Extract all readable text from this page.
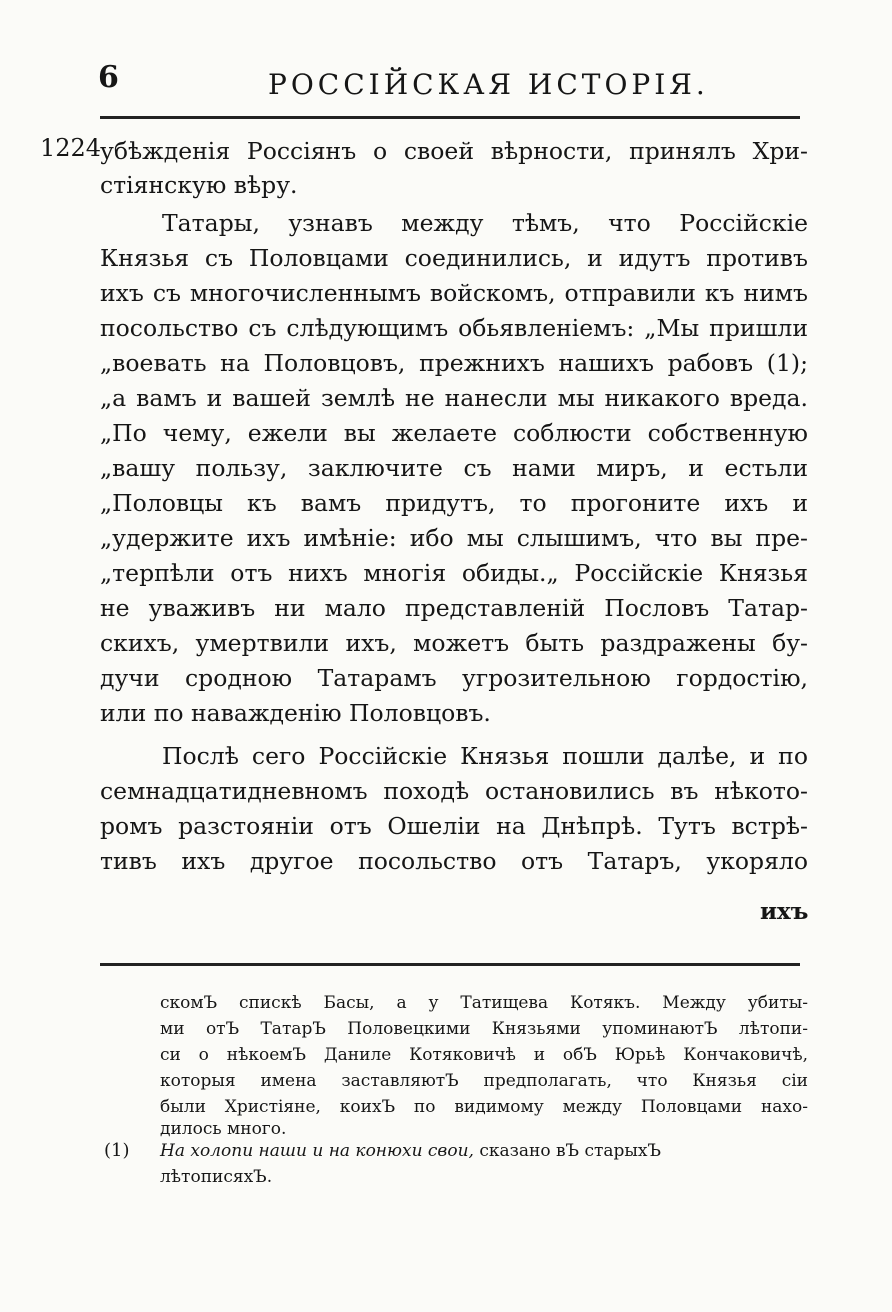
6	РОССІЙСКАЯ ИСТОРІЯ.
1224
убѣжденія Россіянъ о своей вѣрности, принялъ Хри-
стіянскую вѣру.
Татары, узнавъ между тѣмъ, что Россійскіе
Князья съ Половцами соединились, и идутъ противъ
ихъ съ многочисленнымъ войскомъ, отправили къ нимъ
посольство съ слѣдующимъ обьявленіемъ: „Мы пришли
„воевать на Половцовъ, прежнихъ нашихъ рабовъ (1);
„а вамъ и вашей землѣ не нанесли мы никакого вреда.
„По чему, ежели вы желаете соблюсти собственную
„вашу пользу, заключите съ нами миръ, и естьли
„Половцы къ вамъ придутъ, то прогоните ихъ и
„удержите ихъ имѣніе: ибо мы слышимъ, что вы пре-
„терпѣли отъ нихъ многія обиды.„ Россійскіе Князья
не уваживъ ни мало представленій Пословъ Татар-
скихъ, умертвили ихъ, можетъ быть раздражены бу-
дучи сродною Татарамъ угрозительною гордостію,
или по наважденію Половцовъ.
Послѣ сего Россійскіе Князья пошли далѣе, и по
семнадцатидневномъ походѣ остановились въ нѣкото-
ромъ разстояніи отъ Ошеліи на Днѣпрѣ. Тутъ встрѣ-
тивъ ихъ другое посольство отъ Татаръ, укоряло
ихъ
скомЪ спискѣ Басы, а у Татищева Котякъ. Между убиты-
ми отЪ ТатарЪ Половецкими Князьями упоминаютЪ лѣтопи-
си о нѣкоемЪ Даниле Котяковичѣ и обЪ Юрьѣ Кончаковичѣ,
которыя имена заставляютЪ предполагать, что Князья сіи
были Христіяне, коихЪ по видимому между Половцами нахо-
дилось много.
(1) На холопи наши и на конюхи свои, сказано вЪ старыхЪ
лѣтописяхЪ.
